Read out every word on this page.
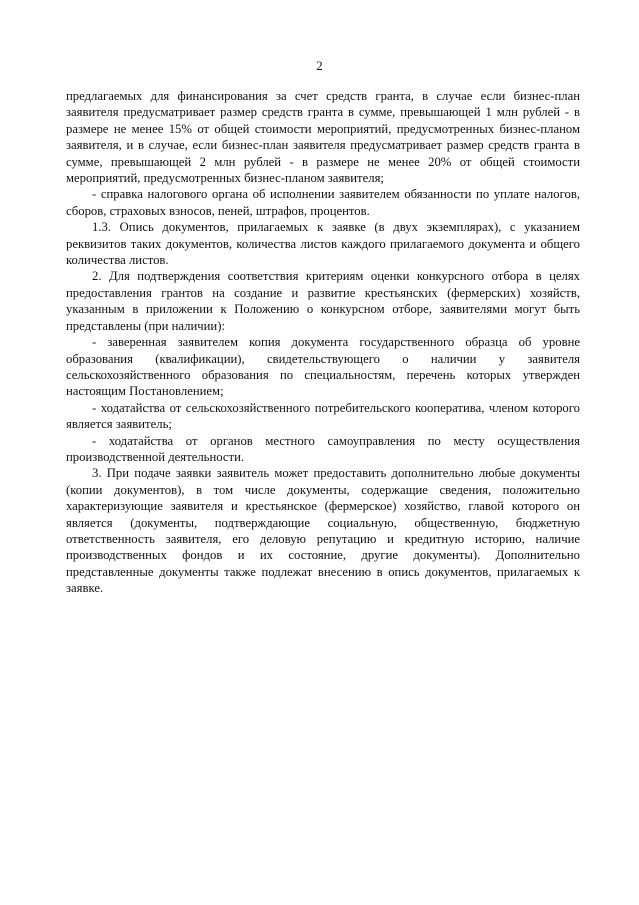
2

предлагаемых для финансирования за счет средств гранта, в случае если бизнес-план заявителя предусматривает размер средств гранта в сумме, превышающей 1 млн рублей - в размере не менее 15% от общей стоимости мероприятий, предусмотренных бизнес-планом заявителя, и в случае, если бизнес-план заявителя предусматривает размер средств гранта в сумме, превышающей 2 млн рублей - в размере не менее 20% от общей стоимости мероприятий, предусмотренных бизнес-планом заявителя;

- справка налогового органа об исполнении заявителем обязанности по уплате налогов, сборов, страховых взносов, пеней, штрафов, процентов.

1.3. Опись документов, прилагаемых к заявке (в двух экземплярах), с указанием реквизитов таких документов, количества листов каждого прилагаемого документа и общего количества листов.

2. Для подтверждения соответствия критериям оценки конкурсного отбора в целях предоставления грантов на создание и развитие крестьянских (фермерских) хозяйств, указанным в приложении к Положению о конкурсном отборе, заявителями могут быть представлены (при наличии):

- заверенная заявителем копия документа государственного образца об уровне образования (квалификации), свидетельствующего о наличии у заявителя сельскохозяйственного образования по специальностям, перечень которых утвержден настоящим Постановлением;

- ходатайства от сельскохозяйственного потребительского кооператива, членом которого является заявитель;

- ходатайства от органов местного самоуправления по месту осуществления производственной деятельности.

3. При подаче заявки заявитель может предоставить дополнительно любые документы (копии документов), в том числе документы, содержащие сведения, положительно характеризующие заявителя и крестьянское (фермерское) хозяйство, главой которого он является (документы, подтверждающие социальную, общественную, бюджетную ответственность заявителя, его деловую репутацию и кредитную историю, наличие производственных фондов и их состояние, другие документы). Дополнительно представленные документы также подлежат внесению в опись документов, прилагаемых к заявке.
